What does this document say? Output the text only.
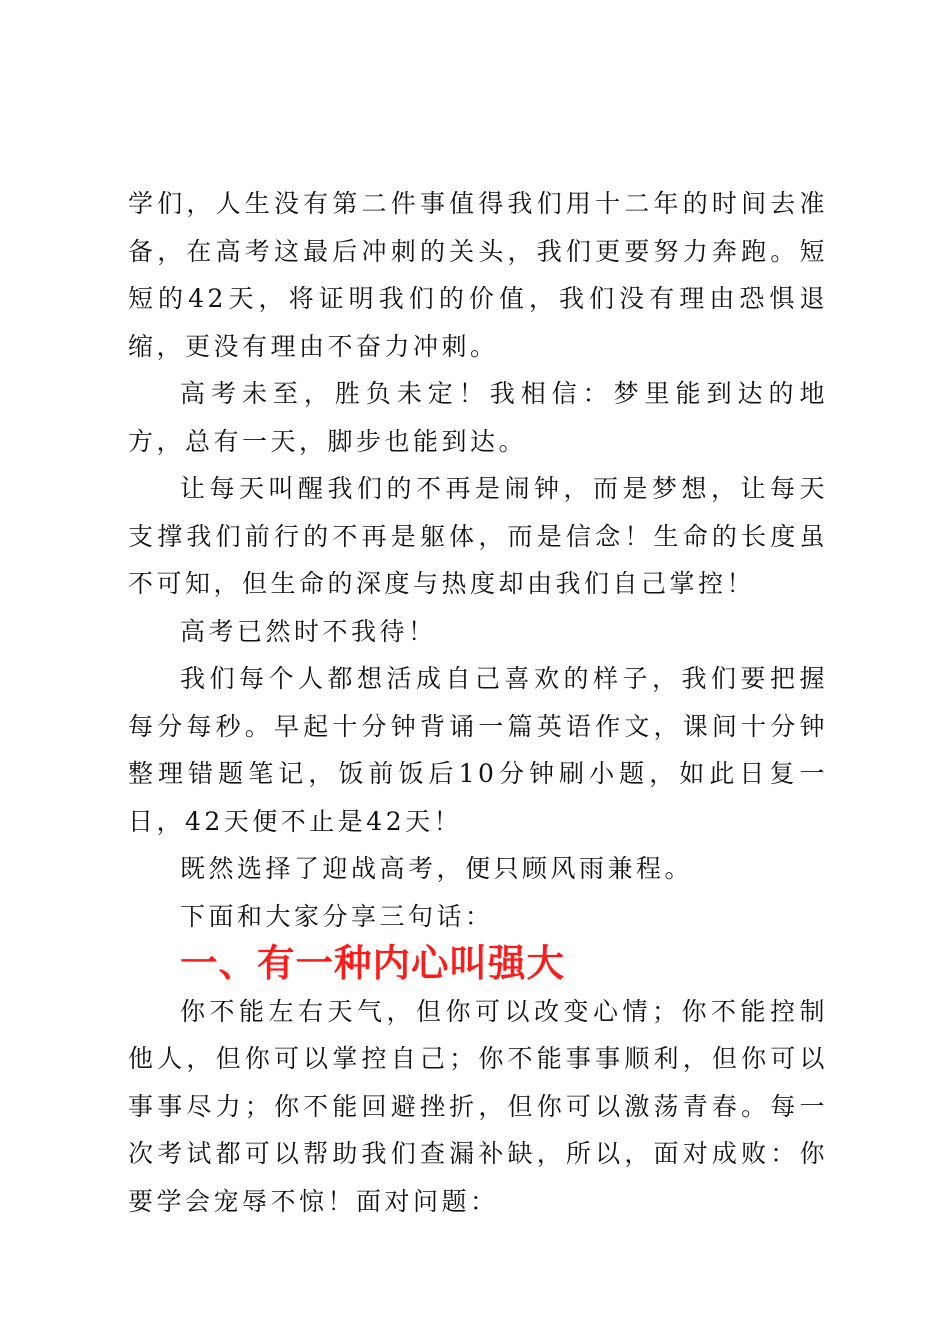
学们，人生没有第二件事值得我们用十二年的时间去准备，在高考这最后冲刺的关头，我们更要努力奔跑。短短的42天，将证明我们的价值，我们没有理由恐惧退缩，更没有理由不奋力冲刺。

高考未至，胜负未定！我相信：梦里能到达的地方，总有一天，脚步也能到达。

让每天叫醒我们的不再是闹钟，而是梦想，让每天支撑我们前行的不再是躯体，而是信念！生命的长度虽不可知，但生命的深度与热度却由我们自己掌控！

高考已然时不我待！

我们每个人都想活成自己喜欢的样子，我们要把握每分每秒。早起十分钟背诵一篇英语作文，课间十分钟整理错题笔记，饭前饭后10分钟刷小题，如此日复一日，42天便不止是42天！

既然选择了迎战高考，便只顾风雨兼程。

下面和大家分享三句话：

一、有一种内心叫强大

你不能左右天气，但你可以改变心情；你不能控制他人，但你可以掌控自己；你不能事事顺利，但你可以事事尽力；你不能回避挫折，但你可以激荡青春。每一次考试都可以帮助我们查漏补缺，所以，面对成败：你要学会宠辱不惊！面对问题：
